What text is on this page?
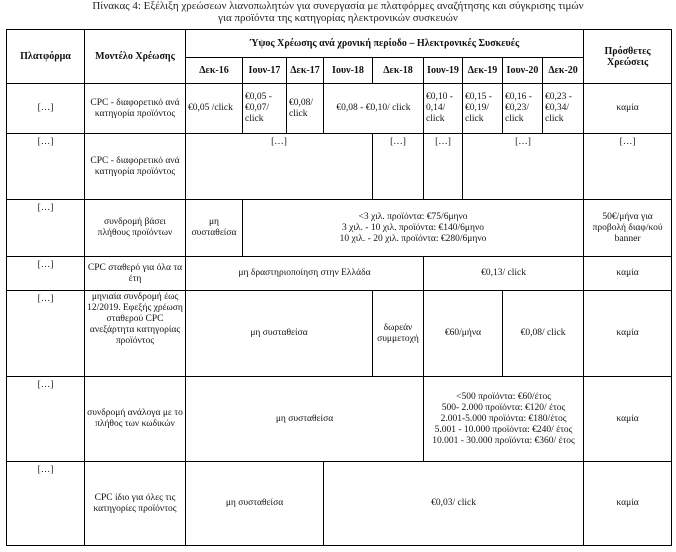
Πίνακας 4: Εξέλιξη χρεώσεων λιανοπωλητών για συνεργασία με πλατφόρμες αναζήτησης και σύγκρισης τιμών
για προϊόντα της κατηγορίας ηλεκτρονικών συσκευών
Πλατφόρμα	Μοντέλο Χρέωσης	Ύψος Χρέωσης ανά χρονική περίοδο – Ηλεκτρονικές Συσκευές									Πρόσθετες Χρεώσεις
		Δεκ-16	Ιουν-17	Δεκ-17	Ιουν-18	Δεκ-18	Ιουν-19	Δεκ-19	Ιουν-20	Δεκ-20	
[…]	CPC - διαφορετικό ανά κατηγορία προϊόντος	€0,05 /click	€0,05 - €0,07/ click	€0,08/ click	€0,08 - €0,10/ click		€0,10 - 0,14/ click	€0,15 - €0,19/ click	€0,16 - €0,23/ click	€0,23 - €0,34/ click	καμία
[…]	CPC - διαφορετικό ανά κατηγορία προϊόντος	[…]				[…]	[…]	[…]			[…]
[…]	συνδρομή βάσει πλήθους προϊόντων	μη συσταθείσα	<3 χιλ. προϊόντα: €75/6μηνο
3 χιλ. - 10 χιλ. προϊόντα: €140/6μηνο
10 χιλ. - 20 χιλ. προϊόντα: €280/6μηνο								50€/μήνα για προβολή διαφ/κού banner
[…]	CPC σταθερό για όλα τα έτη	μη δραστηριοποίηση στην Ελλάδα					€0,13/ click				καμία
[…]	μηνιαία συνδρομή έως 12/2019. Εφεξής χρέωση σταθερού CPC ανεξάρτητα κατηγορίας προϊόντος	μη συσταθείσα				δωρεάν συμμετοχή	€60/μήνα		€0,08/ click		καμία
[…]	συνδρομή ανάλογα με το πλήθος των κωδικών	μη συσταθείσα					<500 προϊόντα: €60/έτος
500- 2.000 προϊόντα: €120/ έτος
2.001-5.000 προϊόντα: €180/έτος
5.001 - 10.000 προϊόντα: €240/ έτος
10.001 - 30.000 προϊόντα: €360/ έτος				καμία
[…]	CPC ίδιο για όλες τις κατηγορίες προϊόντος	μη συσταθείσα			€0,03/ click						καμία
